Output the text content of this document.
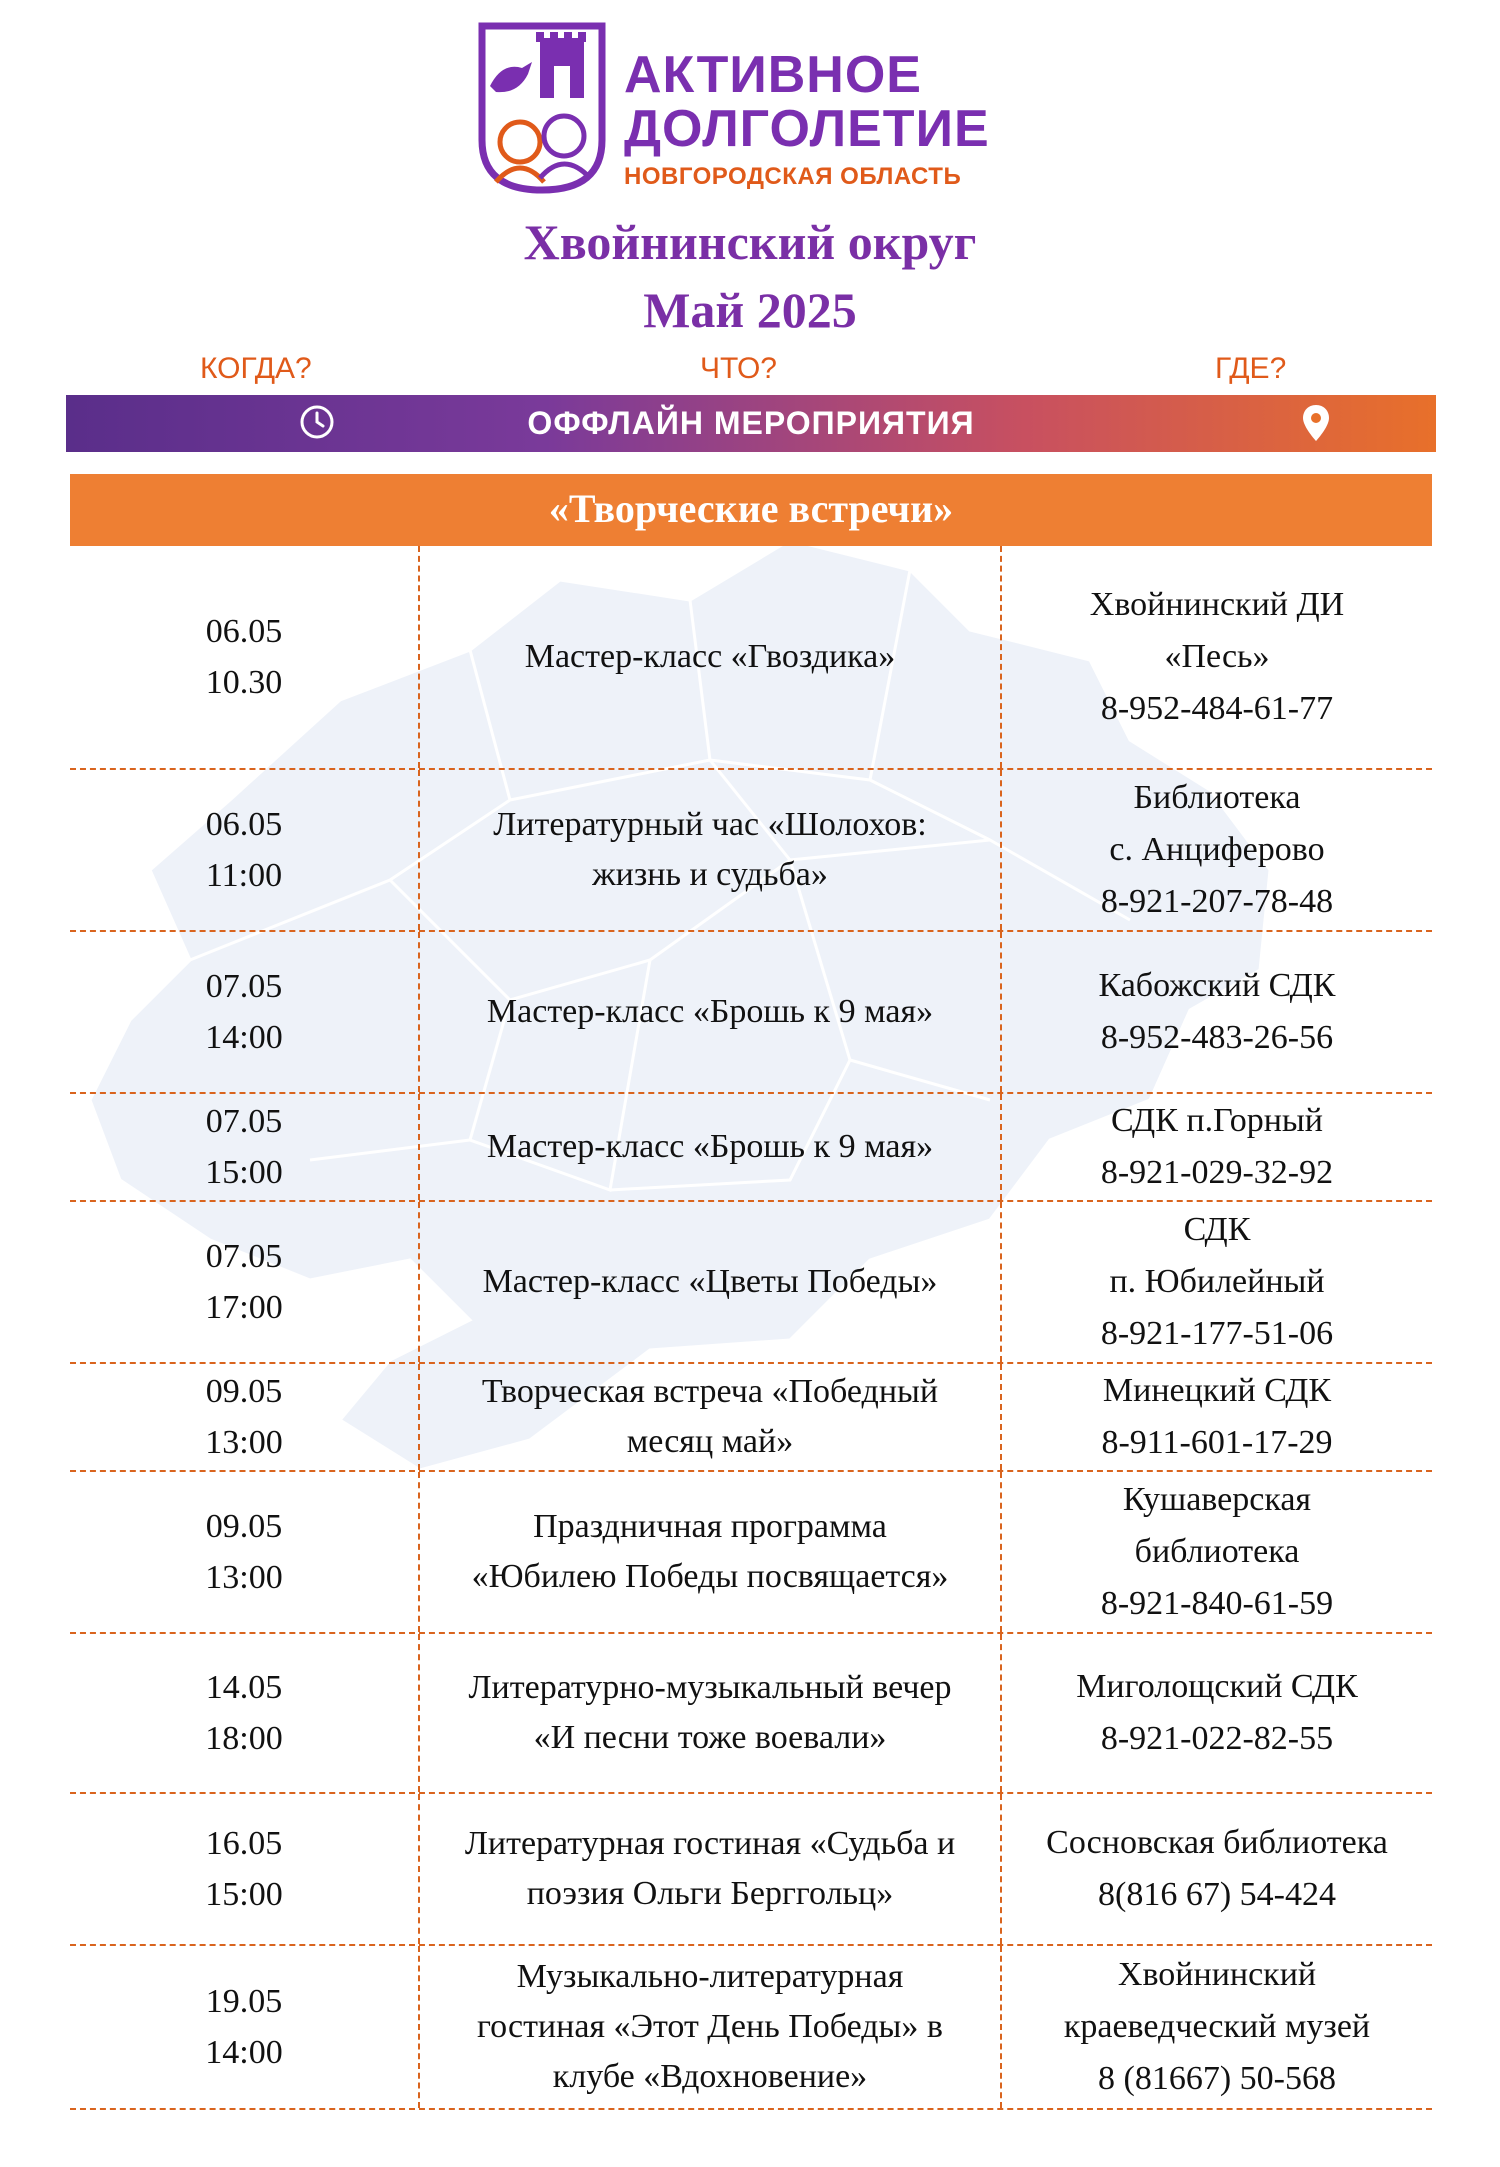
АКТИВНОЕ
ДОЛГОЛЕТИЕ
НОВГОРОДСКАЯ ОБЛАСТЬ
Хвойнинский округ
Май 2025
КОГДА?	ЧТО?	ГДЕ?
ОФФЛАЙН МЕРОПРИЯТИЯ
«Творческие встречи»
06.05
10.30
Мастер-класс «Гвоздика»
Хвойнинский ДИ
«Песь»
8-952-484-61-77
06.05
11:00
Литературный час «Шолохов:
жизнь и судьба»
Библиотека
с. Анциферово
8-921-207-78-48
07.05
14:00
Мастер-класс «Брошь к 9 мая»
Кабожский СДК
8-952-483-26-56
07.05
15:00
Мастер-класс «Брошь к 9 мая»
СДК п.Горный
8-921-029-32-92
07.05
17:00
Мастер-класс «Цветы Победы»
СДК
п. Юбилейный
8-921-177-51-06
09.05
13:00
Творческая встреча «Победный
месяц май»
Минецкий СДК
8-911-601-17-29
09.05
13:00
Праздничная программа
«Юбилею Победы посвящается»
Кушаверская
библиотека
8-921-840-61-59
14.05
18:00
Литературно-музыкальный вечер
«И песни тоже воевали»
Миголощский СДК
8-921-022-82-55
16.05
15:00
Литературная гостиная «Судьба и
поэзия Ольги Берггольц»
Сосновская библиотека
8(816 67) 54-424
19.05
14:00
Музыкально-литературная
гостиная «Этот День Победы» в
клубе «Вдохновение»
Хвойнинский
краеведческий музей
8 (81667) 50-568
